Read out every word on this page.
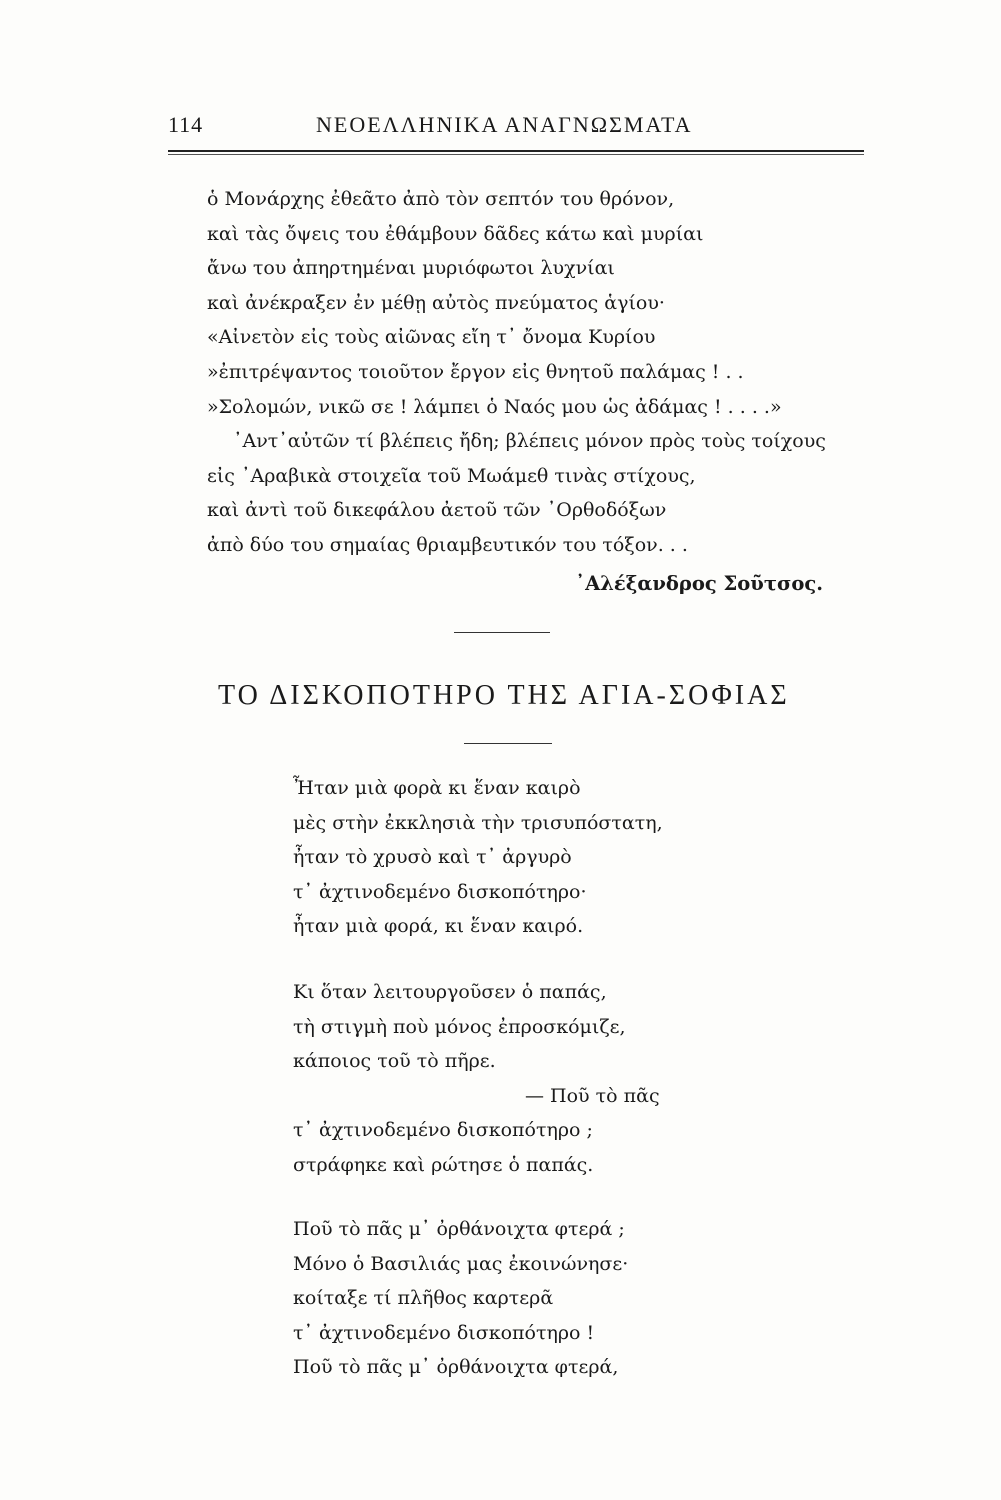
114	ΝΕΟΕΛΛΗΝΙΚΑ ΑΝΑΓΝΩΣΜΑΤΑ
ὁ Μονάρχης ἐθεᾶτο ἀπὸ τὸν σεπτόν του θρόνον,
καὶ τὰς ὄψεις του ἐθάμβουν δᾶδες κάτω καὶ μυρίαι
ἄνω του ἀπηρτημέναι μυριόφωτοι λυχνίαι
καὶ ἀνέκραξεν ἐν μέθῃ αὐτὸς πνεύματος ἁγίου·
«Αἰνετὸν εἰς τοὺς αἰῶνας εἴη τ᾿ ὄνομα Κυρίου
»ἐπιτρέψαντος τοιοῦτον ἔργον εἰς θνητοῦ παλάμας ! . .
»Σολομών, νικῶ σε ! λάμπει ὁ Ναός μου ὡς ἀδάμας ! . . . .»
᾿Αντ᾿αὐτῶν τί βλέπεις ἤδη; βλέπεις μόνον πρὸς τοὺς τοίχους
εἰς ᾿Αραβικὰ στοιχεῖα τοῦ Μωάμεθ τινὰς στίχους,
καὶ ἀντὶ τοῦ δικεφάλου ἀετοῦ τῶν ᾿Ορθοδόξων
ἀπὸ δύο του σημαίας θριαμβευτικόν του τόξον. . .
᾿Αλέξανδρος Σοῦτσος.
ΤΟ ΔΙΣΚΟΠΟΤΗΡΟ ΤΗΣ ΑΓΙΑ-ΣΟΦΙΑΣ
Ἦταν μιὰ φορὰ κι ἕναν καιρὸ
μὲς στὴν ἐκκλησιὰ τὴν τρισυπόστατη,
ἦταν τὸ χρυσὸ καὶ τ᾿ ἀργυρὸ
τ᾿ ἀχτινοδεμένο δισκοπότηρο·
ἦταν μιὰ φορά, κι ἕναν καιρό.
Κι ὅταν λειτουργοῦσεν ὁ παπάς,
τὴ στιγμὴ ποὺ μόνος ἐπροσκόμιζε,
κάποιος τοῦ τὸ πῆρε.
— Ποῦ τὸ πᾶς
τ᾿ ἀχτινοδεμένο δισκοπότηρο ;
στράφηκε καὶ ρώτησε ὁ παπάς.
Ποῦ τὸ πᾶς μ᾿ ὀρθάνοιχτα φτερά ;
Μόνο ὁ Βασιλιάς μας ἐκοινώνησε·
κοίταξε τί πλῆθος καρτερᾶ
τ᾿ ἀχτινοδεμένο δισκοπότηρο !
Ποῦ τὸ πᾶς μ᾿ ὀρθάνοιχτα φτερά,
